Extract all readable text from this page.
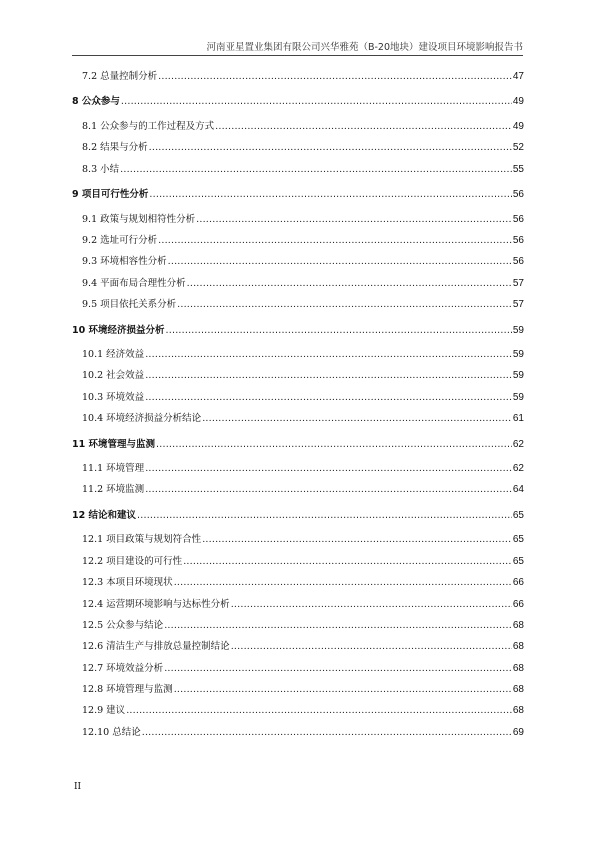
河南亚星置业集团有限公司兴华雅苑（B-20地块）建设项目环境影响报告书
7.2 总量控制分析 .....	47
8 公众参与 .....	49
8.1 公众参与的工作过程及方式 .....	49
8.2 结果与分析 .....	52
8.3 小结 .....	55
9 项目可行性分析 .....	56
9.1 政策与规划相符性分析 .....	56
9.2 选址可行分析 .....	56
9.3 环境相容性分析 .....	56
9.4 平面布局合理性分析 .....	57
9.5 项目依托关系分析 .....	57
10 环境经济损益分析 .....	59
10.1 经济效益 .....	59
10.2 社会效益 .....	59
10.3 环境效益 .....	59
10.4 环境经济损益分析结论 .....	61
11 环境管理与监测 .....	62
11.1 环境管理 .....	62
11.2 环境监测 .....	64
12 结论和建议 .....	65
12.1 项目政策与规划符合性 .....	65
12.2 项目建设的可行性 .....	65
12.3 本项目环境现状 .....	66
12.4 运营期环境影响与达标性分析 .....	66
12.5 公众参与结论 .....	68
12.6 清洁生产与排放总量控制结论 .....	68
12.7 环境效益分析 .....	68
12.8 环境管理与监测 .....	68
12.9 建议 .....	68
12.10 总结论 .....	69
II
